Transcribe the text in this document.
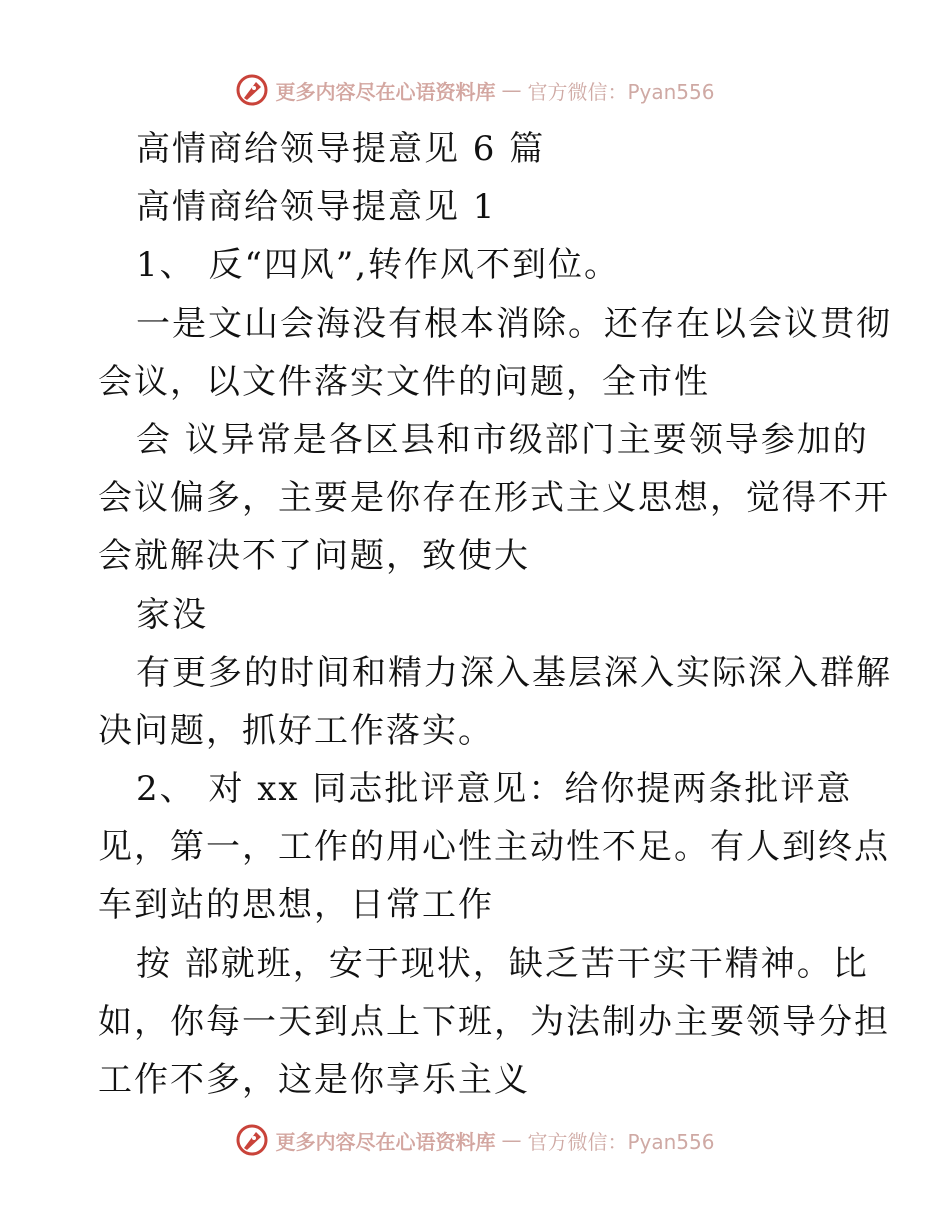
更多内容尽在心语资料库 — 官方微信：Pyan556
高情商给领导提意见 6 篇
高情商给领导提意见 1
1、 反“四风”,转作风不到位。
一是文山会海没有根本消除。还存在以会议贯彻
会议，以文件落实文件的问题，全市性
会 议异常是各区县和市级部门主要领导参加的
会议偏多，主要是你存在形式主义思想，觉得不开
会就解决不了问题，致使大
家没
有更多的时间和精力深入基层深入实际深入群解
决问题，抓好工作落实。
2、 对 xx 同志批评意见：给你提两条批评意
见，第一，工作的用心性主动性不足。有人到终点
车到站的思想，日常工作
按 部就班，安于现状，缺乏苦干实干精神。比
如，你每一天到点上下班，为法制办主要领导分担
工作不多，这是你享乐主义
更多内容尽在心语资料库 — 官方微信：Pyan556
